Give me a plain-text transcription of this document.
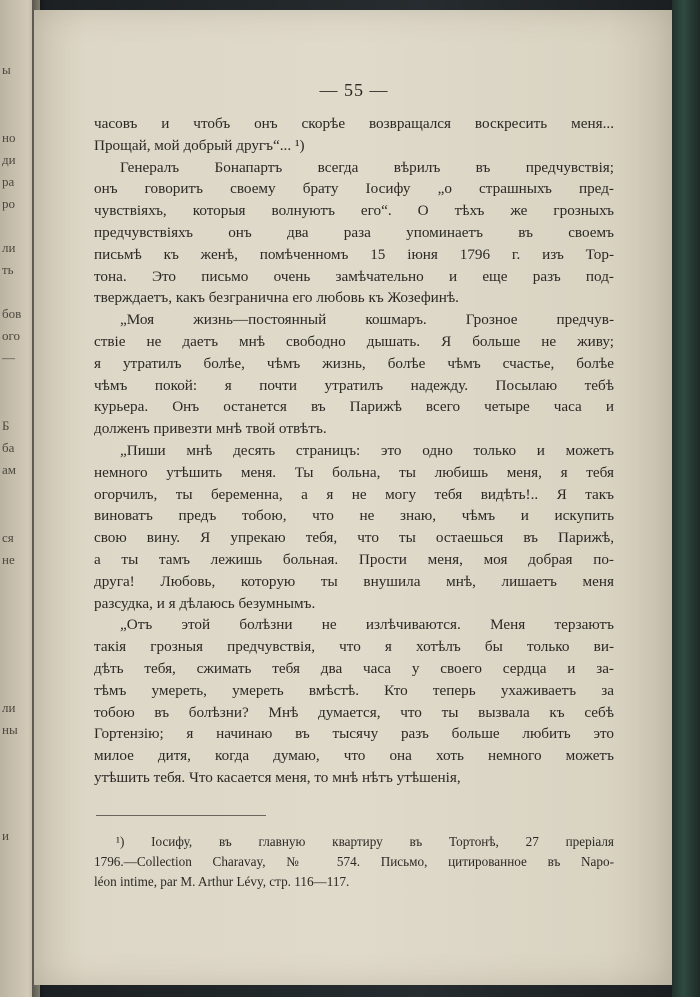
ы
но
ди
ра
ро
ли
ть
бов
ого
—
Б
ба
ам
ся
не
ли
ны
и
— 55 —
часовъ и чтобъ онъ скорѣе возвращался воскресить меня...
Прощай, мой добрый другъ“... ¹)
Генералъ Бонапартъ всегда вѣрилъ въ предчувствія;
онъ говоритъ своему брату Іосифу „о страшныхъ пред-
чувствіяхъ, которыя волнуютъ его“. О тѣхъ же грозныхъ
предчувствіяхъ онъ два раза упоминаетъ въ своемъ
письмѣ къ женѣ, помѣченномъ 15 іюня 1796 г. изъ Тор-
тона. Это письмо очень замѣчательно и еще разъ под-
тверждаетъ, какъ безгранична его любовь къ Жозефинѣ.
„Моя жизнь—постоянный кошмаръ. Грозное предчув-
ствіе не даетъ мнѣ свободно дышать. Я больше не живу;
я утратилъ болѣе, чѣмъ жизнь, болѣе чѣмъ счастье, болѣе
чѣмъ покой: я почти утратилъ надежду. Посылаю тебѣ
курьера. Онъ останется въ Парижѣ всего четыре часа и
долженъ привезти мнѣ твой отвѣтъ.
„Пиши мнѣ десять страницъ: это одно только и можетъ
немного утѣшить меня. Ты больна, ты любишь меня, я тебя
огорчилъ, ты беременна, а я не могу тебя видѣть!.. Я такъ
виноватъ предъ тобою, что не знаю, чѣмъ и искупить
свою вину. Я упрекаю тебя, что ты остаешься въ Парижѣ,
а ты тамъ лежишь больная. Прости меня, моя добрая по-
друга! Любовь, которую ты внушила мнѣ, лишаетъ меня
разсудка, и я дѣлаюсь безумнымъ.
„Отъ этой болѣзни не излѣчиваются. Меня терзаютъ
такія грозныя предчувствія, что я хотѣлъ бы только ви-
дѣть тебя, сжимать тебя два часа у своего сердца и за-
тѣмъ умереть, умереть вмѣстѣ. Кто теперь ухаживаетъ за
тобою въ болѣзни? Мнѣ думается, что ты вызвала къ себѣ
Гортензію; я начинаю въ тысячу разъ больше любить это
милое дитя, когда думаю, что она хоть немного можетъ
утѣшить тебя. Что касается меня, то мнѣ нѣтъ утѣшенія,
¹) Іосифу, въ главную квартиру въ Тортонѣ, 27 преріаля
1796.—Collection Charavay, № 574. Письмо, цитированное въ Napo-
léon intime, par M. Arthur Lévy, стр. 116—117.
